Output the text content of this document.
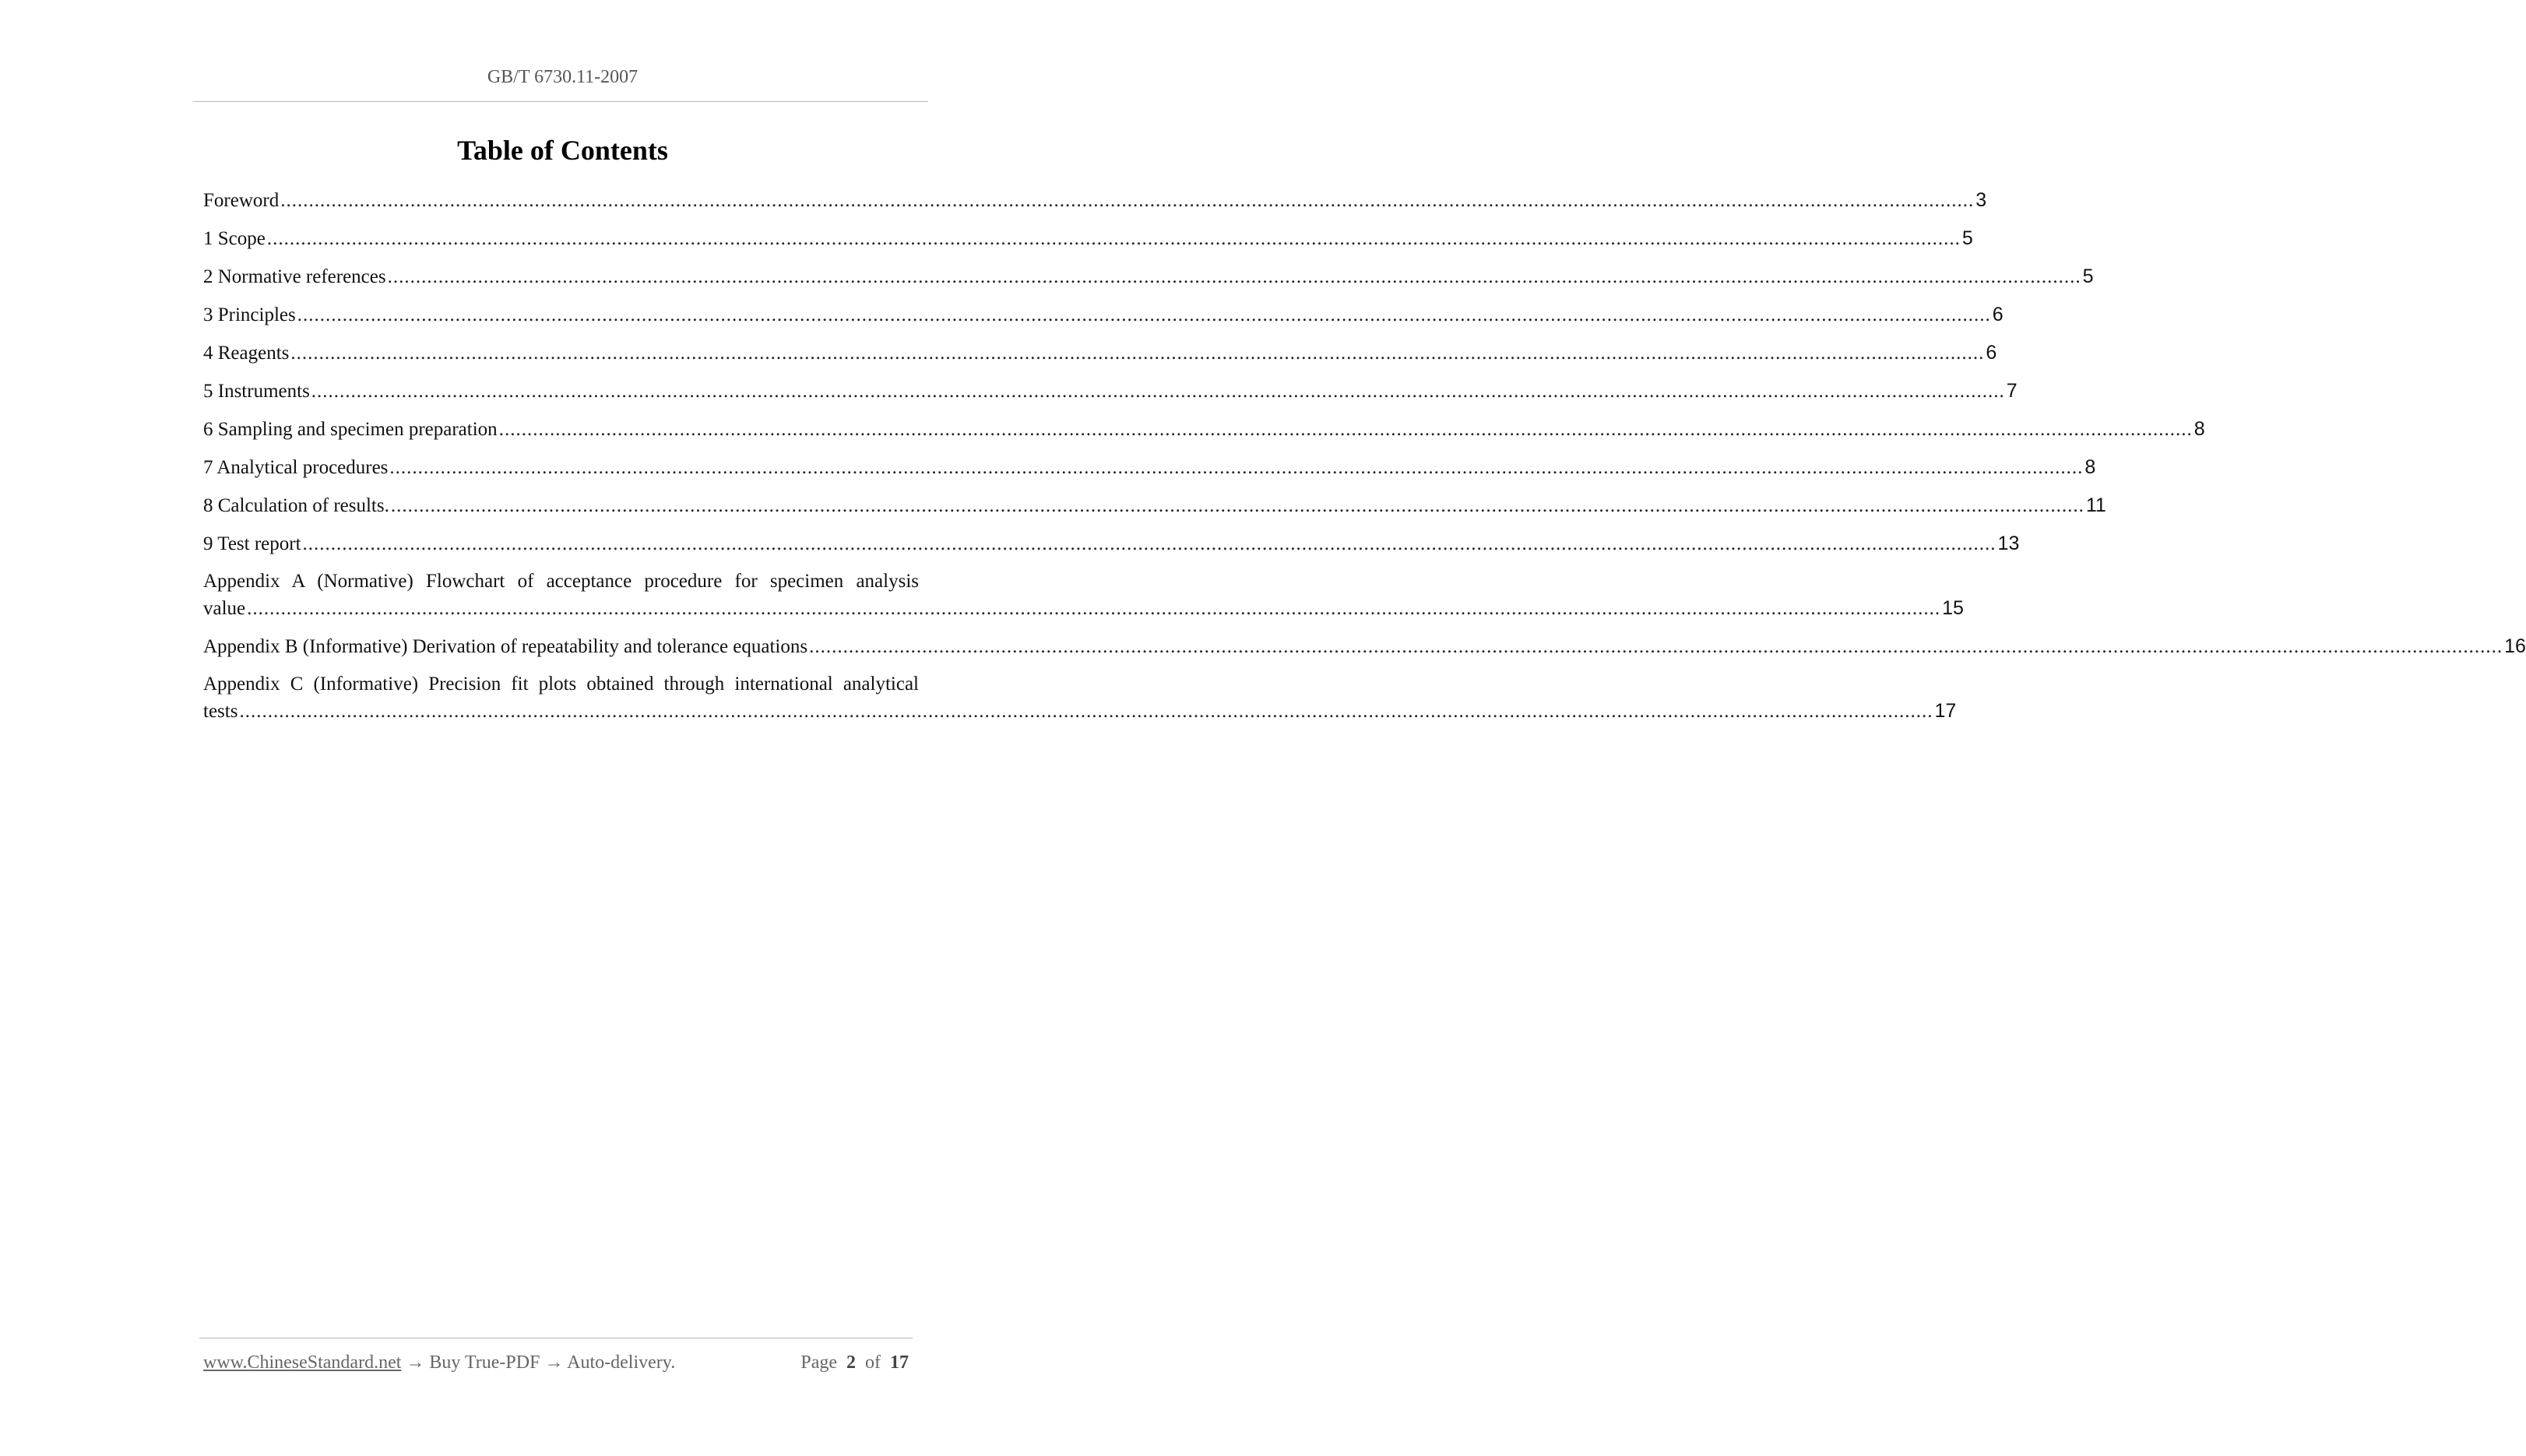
GB/T 6730.11-2007
Table of Contents
Foreword ............................................................................................................................................................................................................................................................................................................ 3
1 Scope ............................................................................................................................................................................................................................................................................................................ 5
2 Normative references ............................................................................................................................................................................................................................................................................................................ 5
3 Principles ............................................................................................................................................................................................................................................................................................................ 6
4 Reagents ............................................................................................................................................................................................................................................................................................................ 6
5 Instruments ............................................................................................................................................................................................................................................................................................................ 7
6 Sampling and specimen preparation ............................................................................................................................................................................................................................................................................................................ 8
7 Analytical procedures ............................................................................................................................................................................................................................................................................................................ 8
8 Calculation of results. ............................................................................................................................................................................................................................................................................................................ 11
9 Test report ............................................................................................................................................................................................................................................................................................................ 13
Appendix A (Normative) Flowchart of acceptance procedure for specimen analysis
value ............................................................................................................................................................................................................................................................................................................ 15
Appendix B (Informative) Derivation of repeatability and tolerance equations ............................................................................................................................................................................................................................................................................................................ 16
Appendix C (Informative) Precision fit plots obtained through international analytical
tests ............................................................................................................................................................................................................................................................................................................ 17
www.ChineseStandard.net → Buy True-PDF → Auto-delivery.	Page 2 of 17
